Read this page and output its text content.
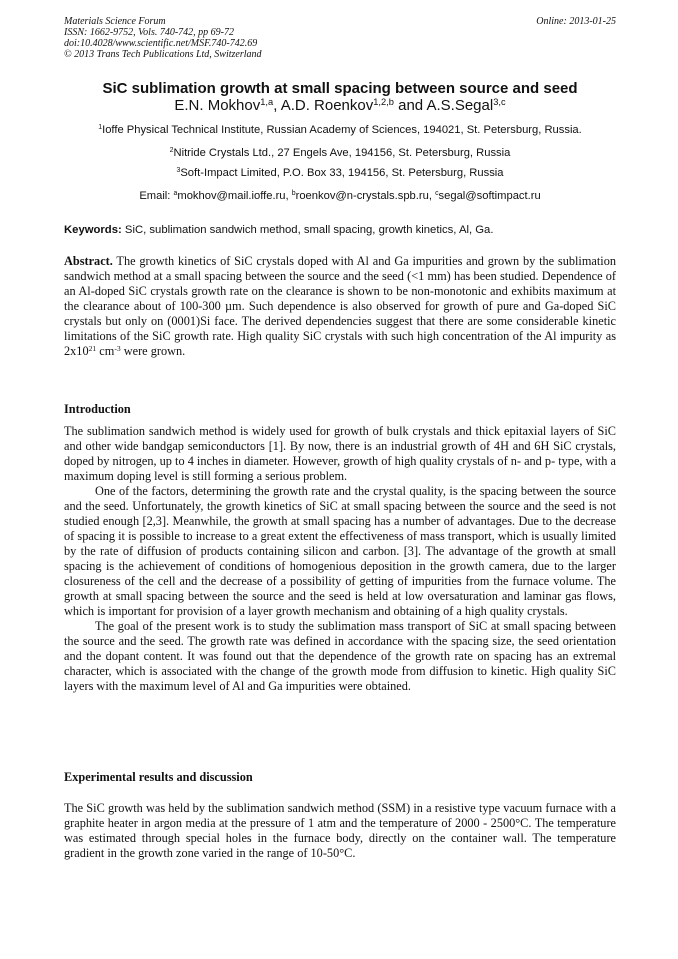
Materials Science Forum
ISSN: 1662-9752, Vols. 740-742, pp 69-72
doi:10.4028/www.scientific.net/MSF.740-742.69
© 2013 Trans Tech Publications Ltd, Switzerland
Online: 2013-01-25
SiC sublimation growth at small spacing between source and seed
E.N. Mokhov$^{1,a}$, A.D. Roenkov$^{1,2,b}$ and A.S.Segal$^{3,c}$
$^1$Ioffe Physical Technical Institute, Russian Academy of Sciences, 194021, St. Petersburg, Russia.
$^2$Nitride Crystals Ltd., 27 Engels Ave, 194156, St. Petersburg, Russia
$^3$Soft-Impact Limited, P.O. Box 33, 194156, St. Petersburg, Russia
Email: $^a$mokhov@mail.ioffe.ru, $^b$roenkov@n-crystals.spb.ru, $^c$segal@softimpact.ru
Keywords: SiC, sublimation sandwich method, small spacing, growth kinetics, Al, Ga.

Abstract. The growth kinetics of SiC crystals doped with Al and Ga impurities and grown by the sublimation sandwich method at a small spacing between the source and the seed (<1 mm) has been studied. Dependence of an Al-doped SiC crystals growth rate on the clearance is shown to be non-monotonic and exhibits maximum at the clearance about of 100-300 µm. Such dependence is also observed for growth of pure and Ga-doped SiC crystals but only on (0001)Si face. The derived dependencies suggest that there are some considerable kinetic limitations of the SiC growth rate. High quality SiC crystals with such high concentration of the Al impurity as $2x10^{21}$ $cm^{-3}$ were grown.

Introduction

The sublimation sandwich method is widely used for growth of bulk crystals and thick epitaxial layers of SiC and other wide bandgap semiconductors [1]. By now, there is an industrial growth of 4H and 6H SiC crystals, doped by nitrogen, up to 4 inches in diameter. However, growth of high quality crystals of n- and p- type, with a maximum doping level is still forming a serious problem.

One of the factors, determining the growth rate and the crystal quality, is the spacing between the source and the seed. Unfortunately, the growth kinetics of SiC at small spacing between the source and the seed is not studied enough [2,3]. Meanwhile, the growth at small spacing has a number of advantages. Due to the decrease of spacing it is possible to increase to a great extent the effectiveness of mass transport, which is usually limited by the rate of diffusion of products containing silicon and carbon. [3]. The advantage of the growth at small spacing is the achievement of conditions of homogenious deposition in the growth camera, due to the larger closureness of the cell and the decrease of a possibility of getting of impurities from the furnace volume. The growth at small spacing between the source and the seed is held at low oversaturation and laminar gas flows, which is important for provision of a layer growth mechanism and obtaining of a high quality crystals.

The goal of the present work is to study the sublimation mass transport of SiC at small spacing between the source and the seed. The growth rate was defined in accordance with the spacing size, the seed orientation and the dopant content. It was found out that the dependence of the growth rate on spacing has an extremal character, which is associated with the change of the growth mode from diffusion to kinetic. High quality SiC layers with the maximum level of Al and Ga impurities were obtained.

Experimental results and discussion

The SiC growth was held by the sublimation sandwich method (SSM) in a resistive type vacuum furnace with a graphite heater in argon media at the pressure of 1 atm and the temperature of 2000 - 2500°C. The temperature was estimated through special holes in the furnace body, directly on the container wall. The temperature gradient in the growth zone varied in the range of 10-50°C.
